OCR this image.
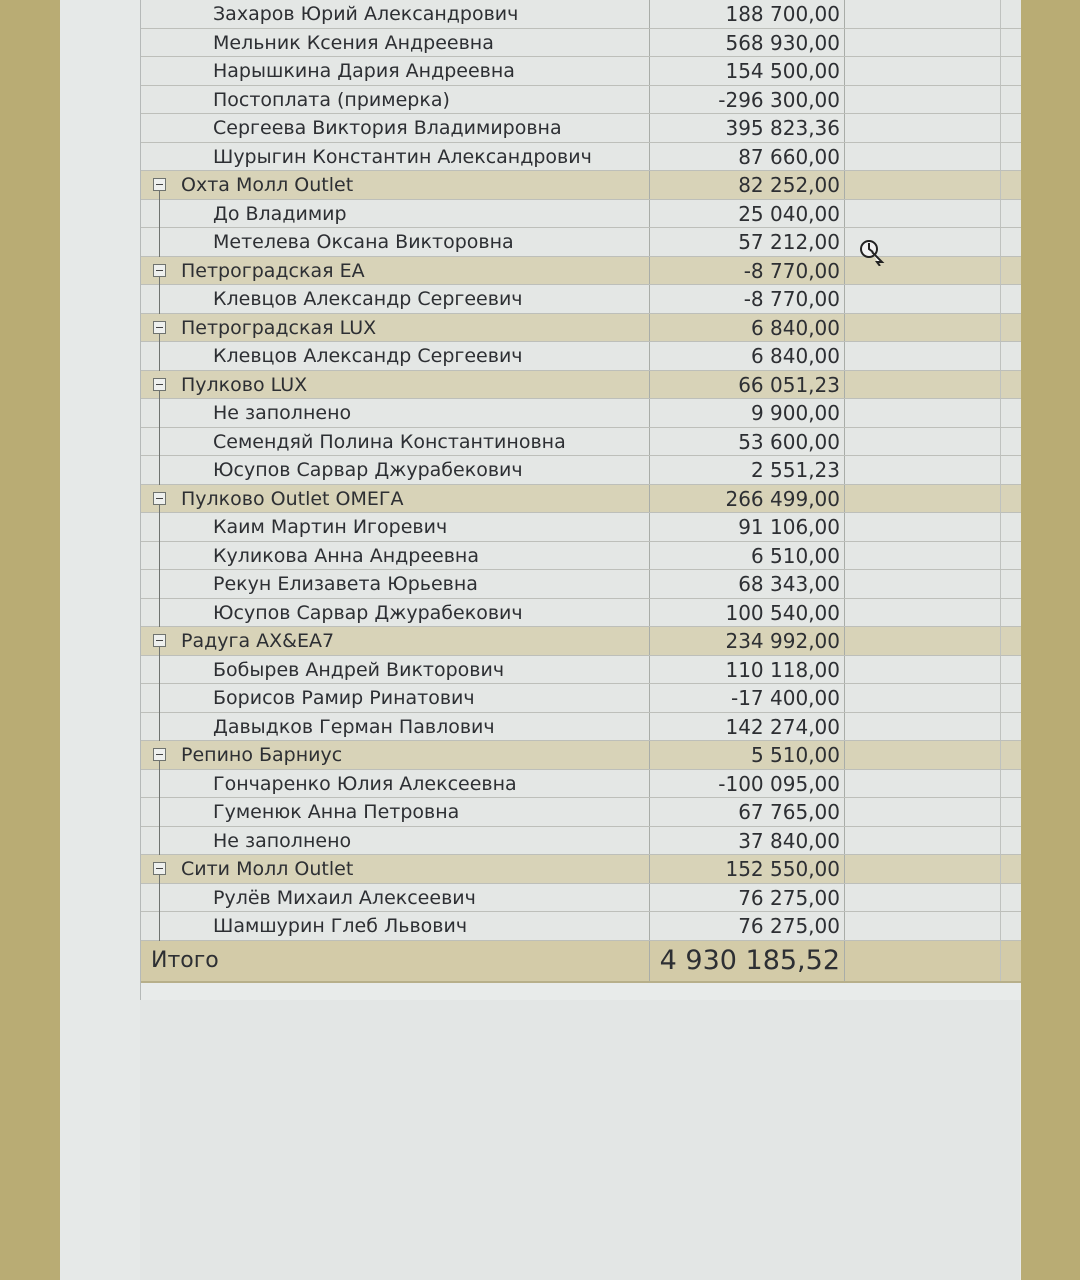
Захаров Юрий Александрович	188 700,00
Мельник Ксения Андреевна	568 930,00
Нарышкина Дария Андреевна	154 500,00
Постоплата (примерка)	-296 300,00
Сергеева Виктория Владимировна	395 823,36
Шурыгин Константин Александрович	87 660,00
Охта Молл Outlet	82 252,00
До Владимир	25 040,00
Метелева Оксана Викторовна	57 212,00
Петроградская EA	-8 770,00
Клевцов Александр Сергеевич	-8 770,00
Петроградская LUX	6 840,00
Клевцов Александр Сергеевич	6 840,00
Пулково LUX	66 051,23
Не заполнено	9 900,00
Семендяй Полина Константиновна	53 600,00
Юсупов Сарвар Джурабекович	2 551,23
Пулково Outlet ОМЕГА	266 499,00
Каим Мартин Игоревич	91 106,00
Куликова Анна Андреевна	6 510,00
Рекун Елизавета Юрьевна	68 343,00
Юсупов Сарвар Джурабекович	100 540,00
Радуга AX&EA7	234 992,00
Бобырев Андрей Викторович	110 118,00
Борисов Рамир Ринатович	-17 400,00
Давыдков Герман Павлович	142 274,00
Репино Барниус	5 510,00
Гончаренко Юлия Алексеевна	-100 095,00
Гуменюк Анна Петровна	67 765,00
Не заполнено	37 840,00
Сити Молл Outlet	152 550,00
Рулёв Михаил Алексеевич	76 275,00
Шамшурин Глеб Львович	76 275,00
Итого	4 930 185,52
